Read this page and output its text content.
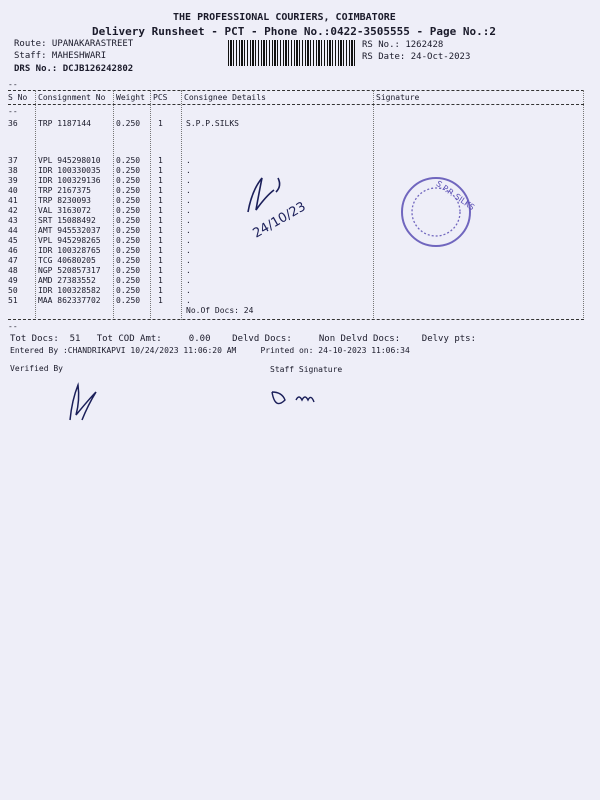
THE PROFESSIONAL COURIERS, COIMBATORE
Delivery Runsheet - PCT - Phone No.:0422-3505555 - Page No.:2
Route: UPANAKARASTREET
Staff: MAHESHWARI
DRS No.: DCJB126242802
RS No.: 1262428
RS Date: 24-Oct-2023
--
S No Consignment No Weight PCS Consignee Details	Signature
--
36	TRP 1187144	0.250 1	S.P.P.SILKS
37	VPL 945298010 0.250 1	.
38	IDR 100330035 0.250 1	.
39	IDR 100329136 0.250 1	.
40	TRP 2167375	0.250 1	.
41	TRP 8230093	0.250 1	.
42	VAL 3163072	0.250 1	.
43	SRT 15088492	0.250 1	.
44	AMT 945532037 0.250 1	.
45	VPL 945298265 0.250 1	.
46	IDR 100328765 0.250 1	.
47	TCG 40680205	0.250 1	.
48	NGP 520857317 0.250 1	.
49	AMD 27383552	0.250 1	.
50	IDR 100328582 0.250 1	.
51	MAA 862337702 0.250 1	.
No.Of Docs: 24
--
Tot Docs:  51   Tot COD Amt:     0.00    Delvd Docs:     Non Delvd Docs:    Delvy pts:
Entered By :CHANDRIKAPVI 10/24/2023 11:06:20 AM     Printed on: 24-10-2023 11:06:34
Verified By	Staff Signature
24/10/23
S.P.P. SILKS
